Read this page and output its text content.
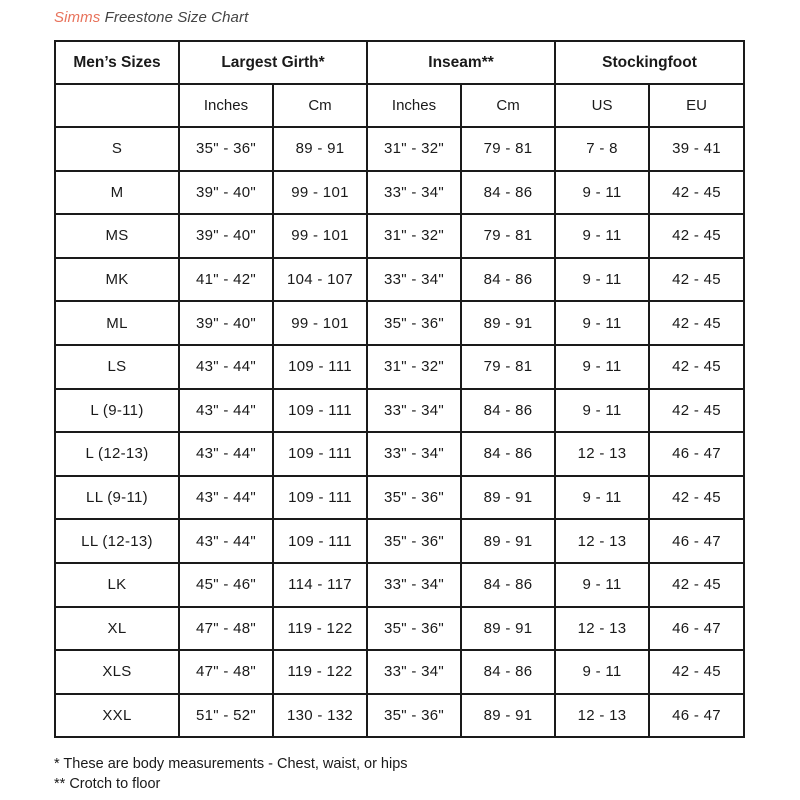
Simms Freestone Size Chart
Men’s Sizes	Largest Girth*		Inseam**		Stockingfoot	
	Inches	Cm	Inches	Cm	US	EU
S	35" - 36"	89 - 91	31" - 32"	79 - 81	7 - 8	39 - 41
M	39" - 40"	99 - 101	33" - 34"	84 - 86	9 - 11	42 - 45
MS	39" - 40"	99 - 101	31" - 32"	79 - 81	9 - 11	42 - 45
MK	41" - 42"	104 - 107	33" - 34"	84 - 86	9 - 11	42 - 45
ML	39" - 40"	99 - 101	35" - 36"	89 - 91	9 - 11	42 - 45
LS	43" - 44"	109 - 111	31" - 32"	79 - 81	9 - 11	42 - 45
L (9-11)	43" - 44"	109 - 111	33" - 34"	84 - 86	9 - 11	42 - 45
L (12-13)	43" - 44"	109 - 111	33" - 34"	84 - 86	12 - 13	46 - 47
LL (9-11)	43" - 44"	109 - 111	35" - 36"	89 - 91	9 - 11	42 - 45
LL (12-13)	43" - 44"	109 - 111	35" - 36"	89 - 91	12 - 13	46 - 47
LK	45" - 46"	114 - 117	33" - 34"	84 - 86	9 - 11	42 - 45
XL	47" - 48"	119 - 122	35" - 36"	89 - 91	12 - 13	46 - 47
XLS	47" - 48"	119 - 122	33" - 34"	84 - 86	9 - 11	42 - 45
XXL	51" - 52"	130 - 132	35" - 36"	89 - 91	12 - 13	46 - 47
* These are body measurements - Chest, waist, or hips
** Crotch to floor
